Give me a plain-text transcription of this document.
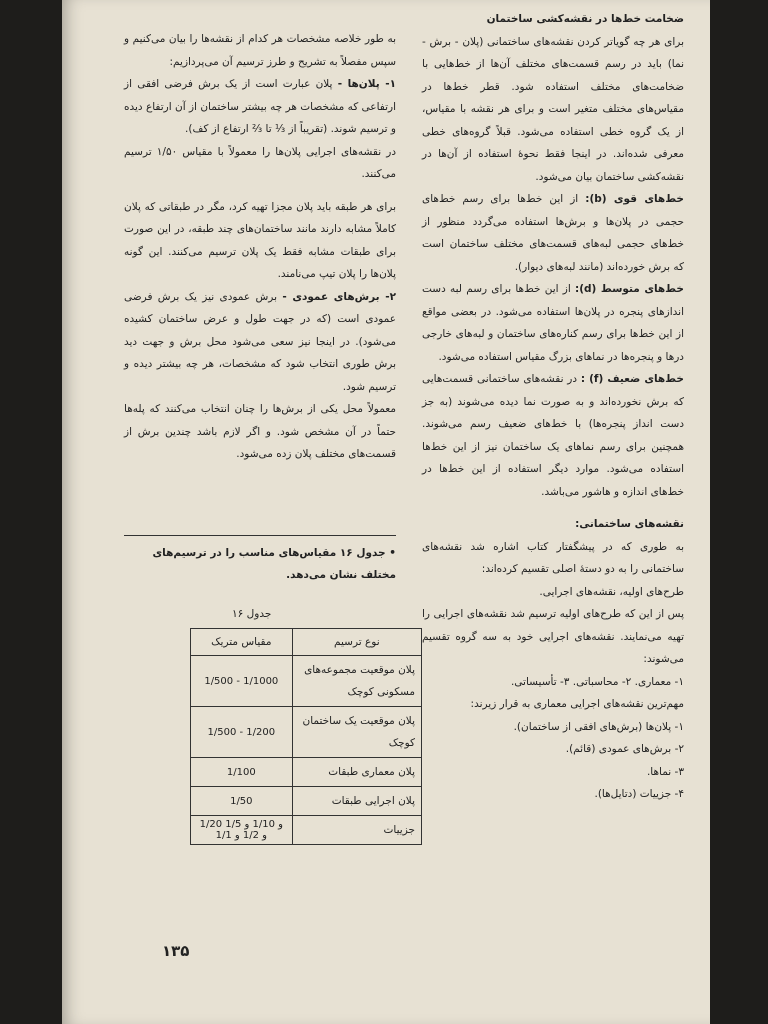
ضخامت خط‌ها در نقشه‌کشی ساختمان

برای هر چه گویاتر کردن نقشه‌های ساختمانی (پلان - برش - نما) باید در رسم قسمت‌های مختلف آن‌ها از خط‌هایی با ضخامت‌های مختلف استفاده شود. قطر خط‌ها در مقیاس‌های مختلف متغیر است و برای هر نقشه با مقیاس، از یک گروه خطی استفاده می‌شود. قبلاً گروه‌های خطی معرفی شده‌اند. در اینجا فقط نحوهٔ استفاده از آن‌ها در نقشه‌کشی ساختمان بیان می‌شود.

خط‌های قوی (b): از این خط‌ها برای رسم خط‌های حجمی در پلان‌ها و برش‌ها استفاده می‌گردد منظور از خط‌های حجمی لبه‌های قسمت‌های مختلف ساختمان است که برش خورده‌اند (مانند لبه‌های دیوار).

خط‌های متوسط (d): از این خط‌ها برای رسم لبه دست اندازهای پنجره در پلان‌ها استفاده می‌شود. در بعضی مواقع از این خط‌ها برای رسم کناره‌های ساختمان و لبه‌های خارجی درها و پنجره‌ها در نماهای بزرگ مقیاس استفاده می‌شود.

خط‌های ضعیف (f) : در نقشه‌های ساختمانی قسمت‌هایی که برش نخورده‌اند و به صورت نما دیده می‌شوند (به جز دست انداز پنجره‌ها) با خط‌های ضعیف رسم می‌شوند. همچنین برای رسم نماهای یک ساختمان نیز از این خط‌ها استفاده می‌شود. موارد دیگر استفاده از این خط‌ها در خط‌های اندازه و هاشور می‌باشد.

نقشه‌های ساختمانی:

به طوری که در پیشگفتار کتاب اشاره شد نقشه‌های ساختمانی را به دو دستهٔ اصلی تقسیم کرده‌اند:

طرح‌های اولیه، نقشه‌های اجرایی.

پس از این که طرح‌های اولیه ترسیم شد نقشه‌های اجرایی را تهیه می‌نمایند. نقشه‌های اجرایی خود به سه گروه تقسیم می‌شوند:

۱- معماری. ۲- محاسباتی. ۳- تأسیساتی.

مهم‌ترین نقشه‌های اجرایی معماری به قرار زیرند:

۱- پلان‌ها (برش‌های افقی از ساختمان).

۲- برش‌های عمودی (قائم).

۳- نماها.

۴- جزییات (دتایل‌ها).

به طور خلاصه مشخصات هر کدام از نقشه‌ها را بیان می‌کنیم و سپس مفصلاً به تشریح و طرز ترسیم آن می‌پردازیم:

۱- پلان‌ها - پلان عبارت است از یک برش فرضی افقی از ارتفاعی که مشخصات هر چه بیشتر ساختمان از آن ارتفاع دیده و ترسیم شوند. (تقریباً از ⅓ تا ⅔ ارتفاع از کف).

در نقشه‌های اجرایی پلان‌ها را معمولاً با مقیاس ۱/۵۰ ترسیم می‌کنند.

برای هر طبقه باید پلان مجزا تهیه کرد، مگر در طبقاتی که پلان کاملاً مشابه دارند مانند ساختمان‌های چند طبقه، در این صورت برای طبقات مشابه فقط یک پلان ترسیم می‌کنند. این گونه پلان‌ها را پلان تیپ می‌نامند.

۲- برش‌های عمودی - برش عمودی نیز یک برش فرضی عمودی است (که در جهت طول و عرض ساختمان کشیده می‌شود). در اینجا نیز سعی می‌شود محل برش و جهت دید برش طوری انتخاب شود که مشخصات، هر چه بیشتر دیده و ترسیم شود.

معمولاً محل یکی از برش‌ها را چنان انتخاب می‌کنند که پله‌ها حتماً در آن مشخص شود. و اگر لازم باشد چندین برش از قسمت‌های مختلف پلان زده می‌شود.

• جدول ۱۶ مقیاس‌های مناسب را در ترسیم‌های مختلف نشان می‌دهد.
جدول ۱۶
نوع ترسیم	مقیاس متریک
پلان موقعیت مجموعه‌های مسکونی کوچک	1/500 - 1/1000
پلان موقعیت یک ساختمان کوچک	1/500 - 1/200
پلان معماری طبقات	1/100
پلان اجرایی طبقات	1/50
جزییات	1/20 و 1/10 و 1/5 و 1/2 و 1/1
۱۳۵
